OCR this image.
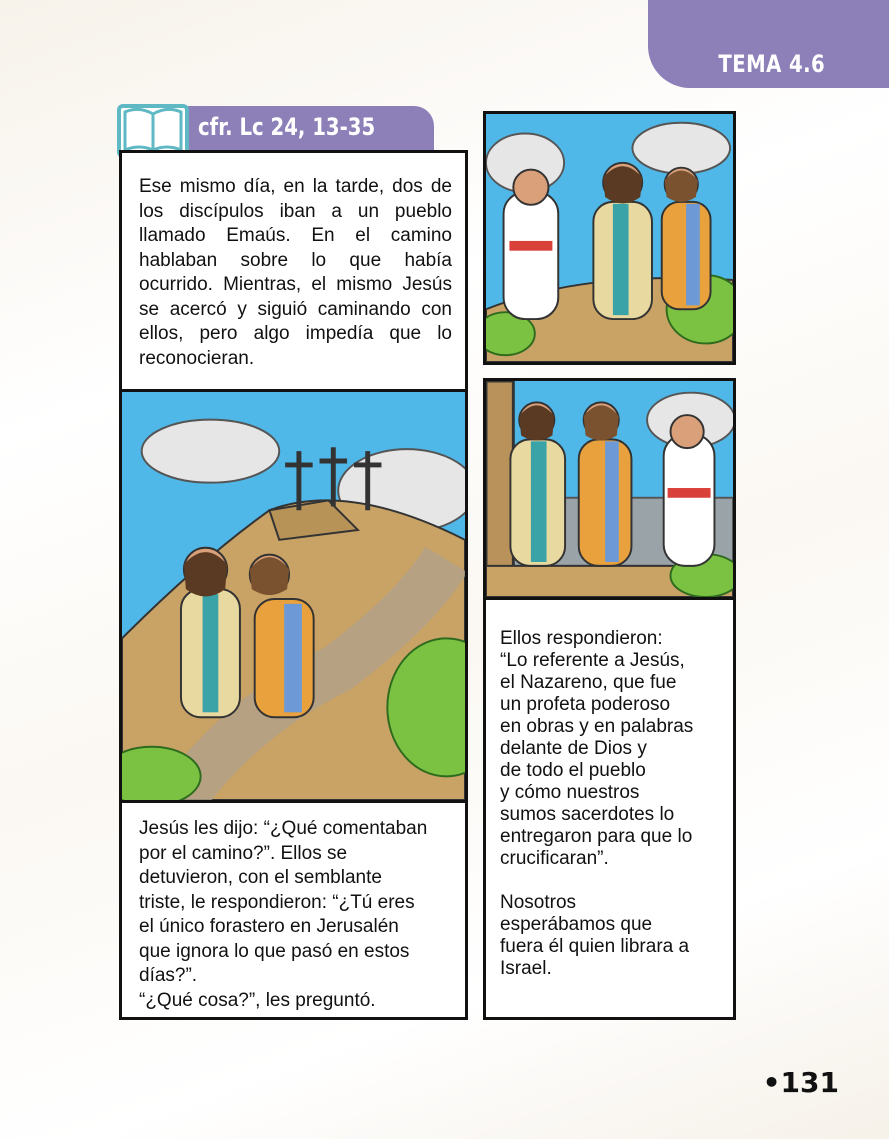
TEMA 4.6
cfr. Lc 24, 13-35
Ese mismo día, en la tarde, dos de los discípulos iban a un pueblo llamado Emaús. En el camino hablaban sobre lo que había ocurrido. Mientras, el mismo Jesús se acercó y siguió caminando con ellos, pero algo impedía que lo reconocieran.
Jesús les dijo: “¿Qué comentaban
por el camino?”. Ellos se
detuvieron, con el semblante
triste, le respondieron: “¿Tú eres
el único forastero en Jerusalén
que ignora lo que pasó en estos
días?”.
“¿Qué cosa?”, les preguntó.
Ellos respondieron:
“Lo referente a Jesús,
el Nazareno, que fue
un profeta poderoso
en obras y en palabras
delante de Dios y
de todo el pueblo
y cómo nuestros
sumos sacerdotes lo
entregaron para que lo
crucificaran”.
Nosotros
esperábamos que
fuera él quien librara a
Israel.
•131
